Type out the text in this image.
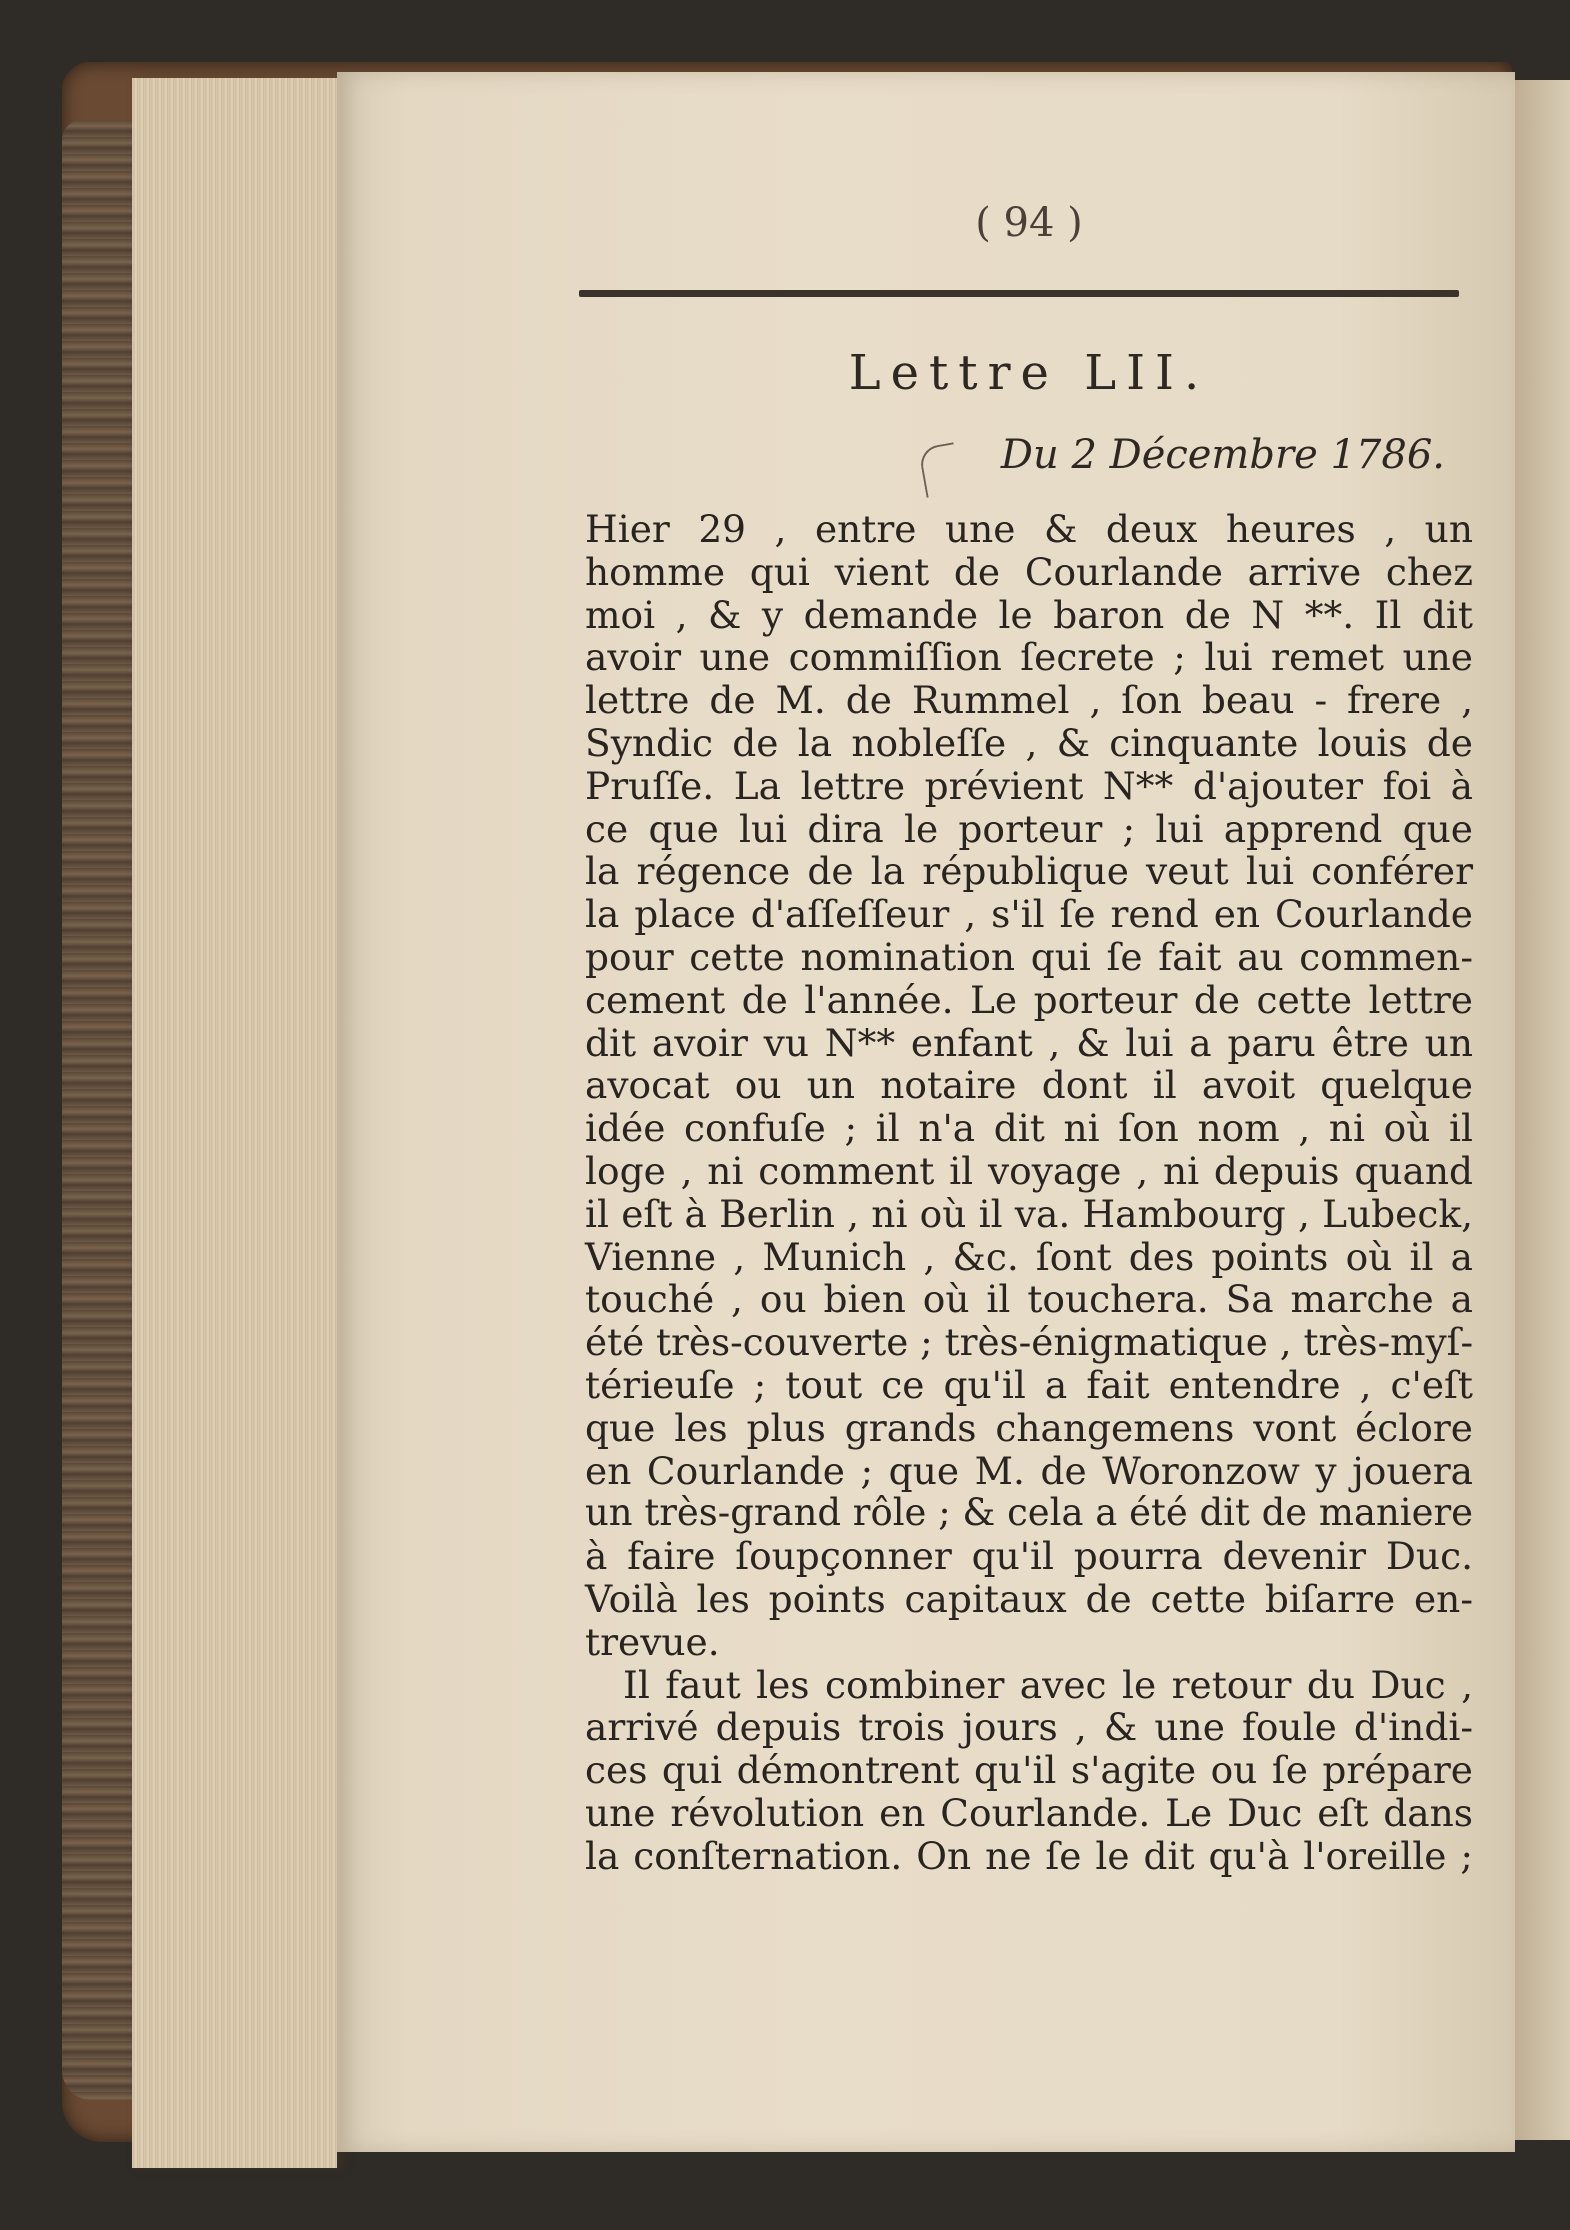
( 94 )
Lettre LII.
Du 2 Décembre 1786.
Hier 29 , entre une & deux heures , un
homme qui vient de Courlande arrive chez
moi , & y demande le baron de N **. Il dit
avoir une commiſſion ſecrete ; lui remet une
lettre de M. de Rummel , ſon beau - frere ,
Syndic de la nobleſſe , & cinquante louis de
Pruſſe. La lettre prévient N** d'ajouter foi à
ce que lui dira le porteur ; lui apprend que
la régence de la république veut lui conférer
la place d'aſſeſſeur , s'il ſe rend en Courlande
pour cette nomination qui ſe fait au commen-
cement de l'année. Le porteur de cette lettre
dit avoir vu N** enfant , & lui a paru être un
avocat ou un notaire dont il avoit quelque
idée confuſe ; il n'a dit ni ſon nom , ni où il
loge , ni comment il voyage , ni depuis quand
il eſt à Berlin , ni où il va. Hambourg , Lubeck,
Vienne , Munich , &c. ſont des points où il a
touché , ou bien où il touchera. Sa marche a
été très-couverte ; très-énigmatique , très-myſ-
térieuſe ; tout ce qu'il a fait entendre , c'eſt
que les plus grands changemens vont éclore
en Courlande ; que M. de Woronzow y jouera
un très-grand rôle ; & cela a été dit de maniere
à faire ſoupçonner qu'il pourra devenir Duc.
Voilà les points capitaux de cette biſarre en-
trevue.
Il faut les combiner avec le retour du Duc ,
arrivé depuis trois jours , & une foule d'indi-
ces qui démontrent qu'il s'agite ou ſe prépare
une révolution en Courlande. Le Duc eſt dans
la conſternation. On ne ſe le dit qu'à l'oreille ;
